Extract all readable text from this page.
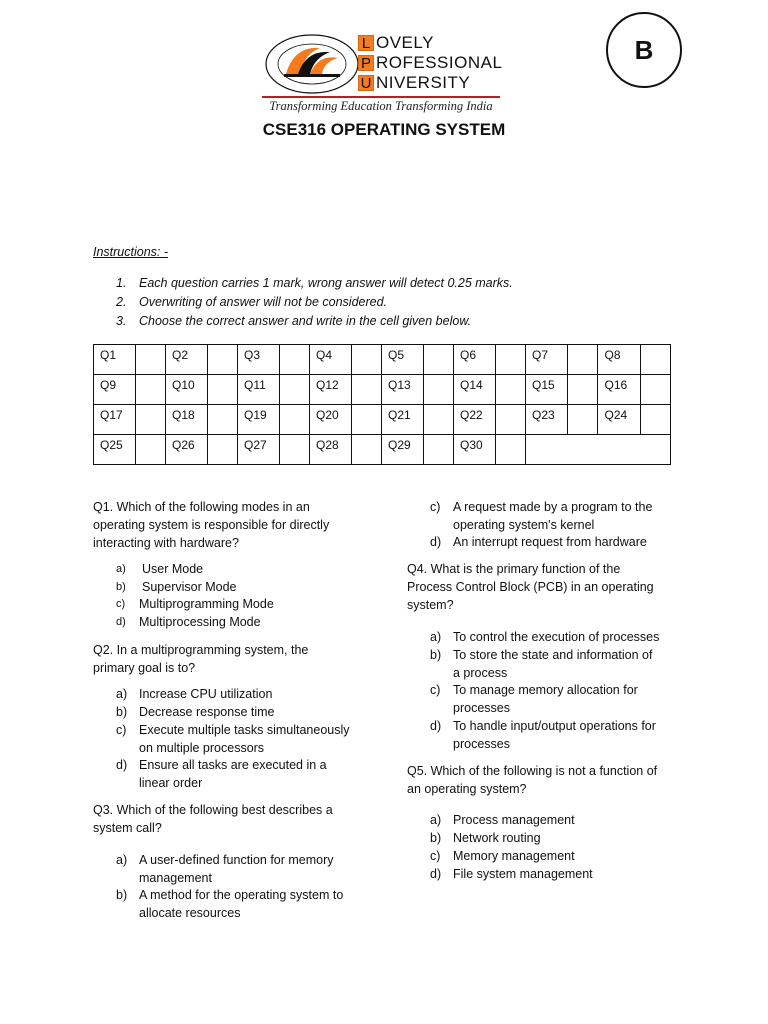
L OVELY
P ROFESSIONAL
U NIVERSITY
Transforming Education Transforming India
CSE316 OPERATING SYSTEM
B
Instructions: -
1. Each question carries 1 mark, wrong answer will detect 0.25 marks.
2. Overwriting of answer will not be considered.
3. Choose the correct answer and write in the cell given below.
Q1		Q2		Q3		Q4		Q5		Q6		Q7		Q8	
Q9		Q10		Q11		Q12		Q13		Q14		Q15		Q16	
Q17		Q18		Q19		Q20		Q21		Q22		Q23		Q24	
Q25		Q26		Q27		Q28		Q29		Q30					
Q1. Which of the following modes in an
operating system is responsible for directly
interacting with hardware?
a) User Mode
b) Supervisor Mode
c) Multiprogramming Mode
d) Multiprocessing Mode
Q2. In a multiprogramming system, the
primary goal is to?
a) Increase CPU utilization
b) Decrease response time
c) Execute multiple tasks simultaneously
on multiple processors
d) Ensure all tasks are executed in a
linear order
Q3. Which of the following best describes a
system call?
a) A user-defined function for memory
management
b) A method for the operating system to
allocate resources
c) A request made by a program to the
operating system's kernel
d) An interrupt request from hardware
Q4. What is the primary function of the
Process Control Block (PCB) in an operating
system?
a) To control the execution of processes
b) To store the state and information of
a process
c) To manage memory allocation for
processes
d) To handle input/output operations for
processes
Q5. Which of the following is not a function of
an operating system?
a) Process management
b) Network routing
c) Memory management
d) File system management
